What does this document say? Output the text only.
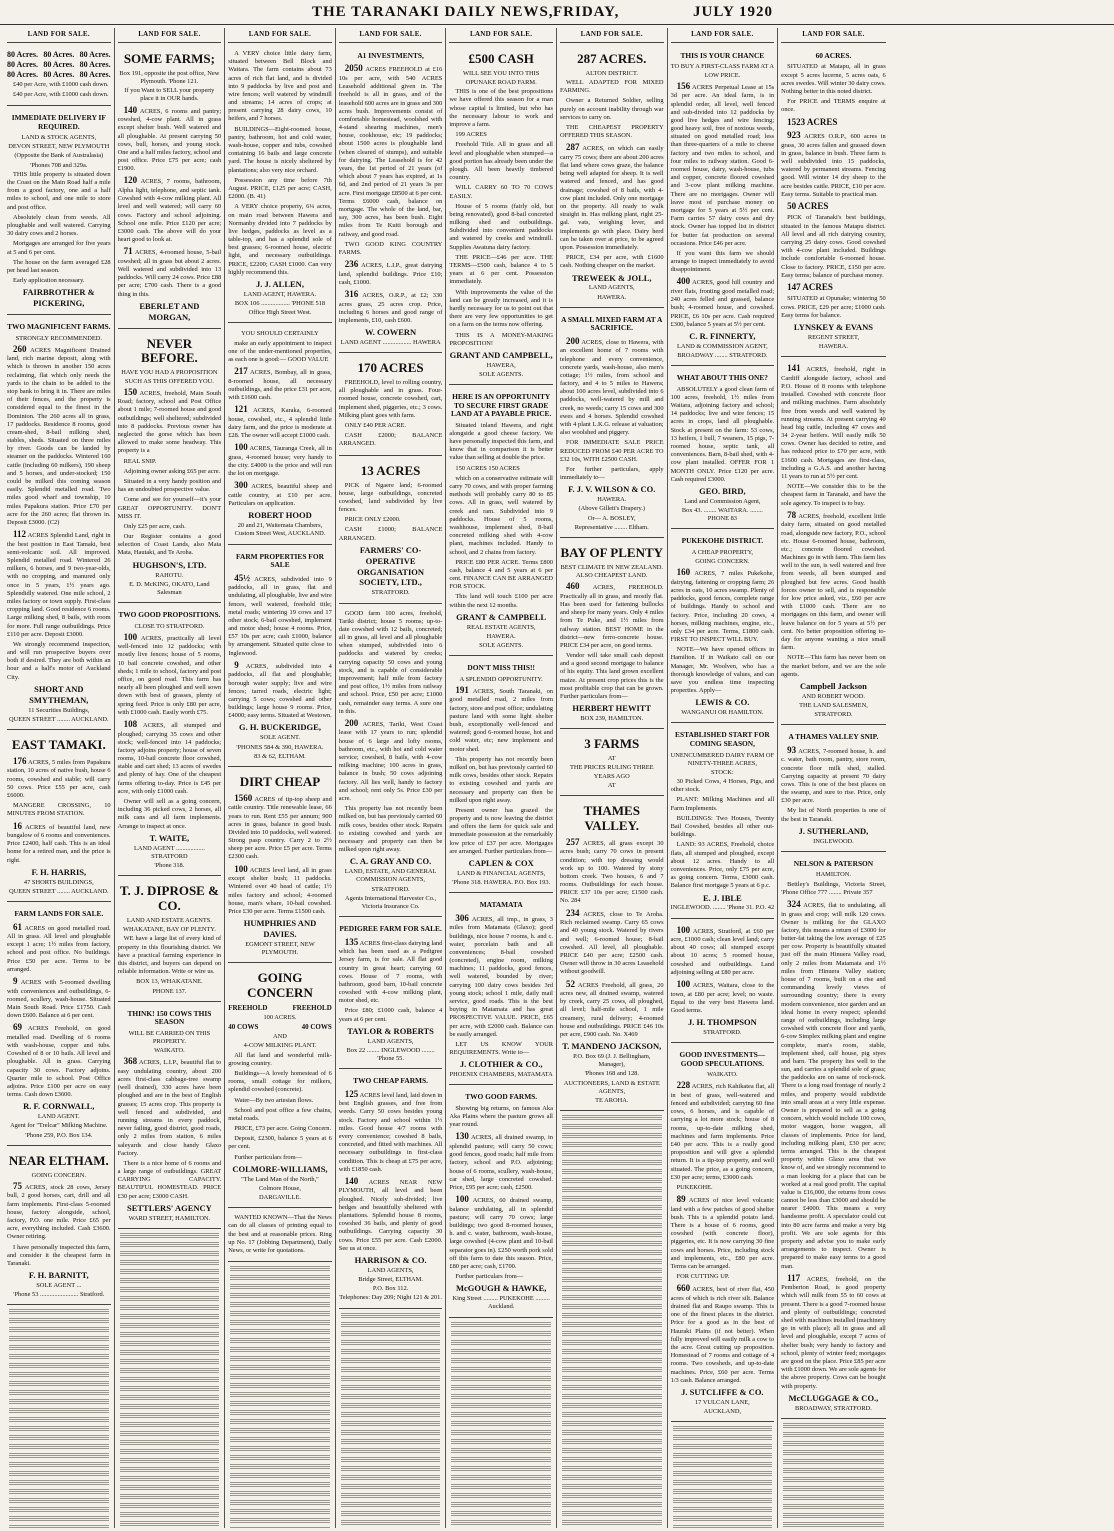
THE TARANAKI DAILY NEWS, FRIDAY,	JULY 1920
LAND FOR SALE.
80 Acres. 80 Acres. 80 Acres.
80 Acres. 80 Acres. 80 Acres.
80 Acres. 80 Acres. 80 Acres.

£40 per Acre, with £1000 cash down.

£40 per Acre, with £1000 cash down.

IMMEDIATE DELIVERY IF REQUIRED.
LAND & STOCK AGENTS,
DEVON STREET, NEW PLYMOUTH
(Opposite the Bank of Australasia)
'Phones 708 and 329a.

THIS little property is situated down the Coast on the Main Road half a mile from a good factory, one and a half miles to school, and one mile to store and post office.

Absolutely clean from weeds. All ploughable and well watered. Carrying 30 dairy cows and 2 horses.

Mortgages are arranged for five years at 5 and 6 per cent.

The house on the farm averaged £28 per head last season.

Early application necessary.

FAIRBROTHER & PICKERING,
TWO MAGNIFICENT FARMS.
STRONGLY RECOMMENDED.

260 ACRES Magnificent Drained land, rich marine deposit, along with which is thrown in another 150 acres reclaiming, flat which only needs the yards to the chain to be added to the stop bank to bring it in. There are miles of their fences, and the property is considered equal to the finest in the Dominion. The 260 acres all in grass, 17 paddocks. Residence 8 rooms, good cream-shed, 8-bail milking shed, stables, sheds. Situated on three miles by river. Goods can be landed by steamer on the paddocks. Wintered 160 cattle (including 60 milkers), 190 sheep and 5 horses, and under-stocked; 150 could be milked this coming season easily. Splendid metalled road. Two miles good wharf and township, 10 miles Papakura station. Price £70 per acre for the 260 acres; flat thrown in. Deposit £3000. (C2)

112 ACRES Splendid Land, right in the best position in East Tamaki, best semi-volcanic soil. All improved. Splendid metalled road. Wintered 26 milkers, 6 horses, and 9 two-year-olds, with no cropping, and manured only once in 5 years, 1½ years ago. Splendidly watered. One mile school, 2 miles factory or town supply. First-class cropping land. Good residence 6 rooms. Large milking shed, 8 bails, with room for more. Full range outbuildings. Price £110 per acre. Deposit £3000.

We strongly recommend inspection, and will run prospective buyers over both if desired. They are both within an hour and a half's motor of Auckland City.

SHORT AND SMYTHEMAN,
11 Securities Buildings,
QUEEN STREET ........ AUCKLAND.
EAST TAMAKI.

176 ACRES, 5 miles from Papakura station, 10 acres of native bush, house 6 rooms, cowshed and stable; will carry 50 cows. Price £55 per acre, cash £6000.

MANGERE CROSSING, 10 MINUTES FROM STATION.

16 ACRES of beautiful land, new bungalow of 6 rooms and conveniences. Price £2400, half cash. This is an ideal home for a retired man, and the price is right.

F. H. HARRIS,
47 SHORTS BUILDINGS,
QUEEN STREET ........ AUCKLAND.
FARM LANDS FOR SALE.

61 ACRES on good metalled road. All in grass. All level and ploughable except 1 acre; 1½ miles from factory, school and post office. No buildings. Price £50 per acre. Terms to be arranged.

9 ACRES with 5-roomed dwelling with conveniences and outbuildings, 6-roomed, scullery, wash-house. Situated Main South Road. Price £1750. Cash down £600. Balance at 6 per cent.

69 ACRES Freehold, on good metalled road. Dwelling of 6 rooms with wash-house, copper and tubs. Cowshed of 8 or 10 bails. All level and ploughable. All in grass. Carrying capacity 30 cows. Factory adjoins. Quarter mile to school. Post Office adjoins. Price £100 per acre on easy terms. Cash down £3600.

R. F. CORNWALL,
LAND AGENT.
Agent for "Trelcar" Milking Machine.
'Phone 259, P.O. Box 134.
NEAR ELTHAM.
GOING CONCERN.

75 ACRES, stock 28 cows, Jersey bull, 2 good horses, cart, drill and all farm implements. First-class 5-roomed house, factory alongside, school, factory, P.O. one mile. Price £65 per acre, everything included. Cash £3600. Owner retiring.

I have personally inspected this farm, and consider it the cheapest farm in Taranaki.

F. H. BARNITT,
SOLE AGENT ...
'Phone 53 ........................ Stratford.
LAND FOR SALE.
SOME FARMS;
Box 191, opposite the post office, New Plymouth. 'Phone 121.
If you Want to SELL your property place it in OUR hands.

140 ACRES, 6 rooms and pantry; cowshed, 4-cow plant. All in grass except shelter bush. Well watered and all ploughable. At present carrying 50 cows, bull, horses, and young stock. One and a half miles factory, school and post office. Price £75 per acre; cash £1900.

120 ACRES, 7 rooms, bathroom, Alpha light, telephone, and septic tank. Cowshed with 4-cow milking plant. All level and well watered; will carry 60 cows. Factory and school adjoining. School one mile. Price £120 per acre; £3000 cash. The above will do your heart good to look at.

71 ACRES, 4-roomed house, 5-bail cowshed; all in grass but about 2 acres. Well watered and subdivided into 13 paddocks. Will carry 24 cows. Price £88 per acre; £700 cash. There is a good thing in this.

EBERLET AND MORGAN,
NEVER BEFORE.
HAVE YOU HAD A PROPOSITION SUCH AS THIS OFFERED YOU.

150 ACRES, freehold, Main South Road; factory, school and Post Office about 1 mile; 7-roomed house and good outbuildings; well sheltered; subdivided into 8 paddocks. Previous owner has neglected the gorse which has been allowed to make some headway. This property is a

REAL SNIP.

Adjoining owner asking £65 per acre.

Situated in a very handy position and has an undoubted prospective value.

Come and see for yourself—it's your GREAT OPPORTUNITY. DON'T MISS IT.

Only £25 per acre, cash.

Our Register contains a good selection of Coast Lands, also Mata Mata, Hautaki, and Te Aroha.

HUGHSON'S, LTD.
RAHOTU.
E. D. McKING, OKATO, Land Salesman
TWO GOOD PROPOSITIONS.
CLOSE TO STRATFORD.

100 ACRES, practically all level well-fenced into 12 paddocks; with mostly live fences; house of 5 rooms, 10 bail concrete cowshed, and other sheds; 1 mile to school, factory and post office, on good road. This farm has nearly all been ploughed and well sown down with best of grasses, plenty of spring feed. Price is only £80 per acre, with £1000 cash. Easily worth £75.

108 ACRES, all stumped and ploughed; carrying 35 cows and other stock; well-fenced into 14 paddocks; factory adjoins property; house of seven rooms, 10-bail concrete floor cowshed, stable and cart shed; 13 acres of swedes and plenty of hay. One of the cheapest farms offering to-day. Price is £45 per acre, with only £1000 cash.

Owner will sell as a going concern, including 36 picked cows, 2 horses, all milk cans and all farm implements. Arrange to inspect at once.

T. WAITE,
LAND AGENT .................. STRATFORD
'Phone 318.
T. J. DIPROSE & CO.
LAND AND ESTATE AGENTS.
WHAKATANE, BAY OF PLENTY.

WE have a large list of every kind of property in this flourishing district. We have a practical farming experience in this district, and buyers can depend on reliable information. Write or wire us.

BOX 13, WHAKATANE.
PHONE 137.
THINK! 150 COWS THIS SEASON
WILL BE CARRIED ON THIS PROPERTY.
WAIKATO.

368 ACRES, L.I.P., beautiful flat to easy undulating country, about 200 acres first-class cabbage-tree swamp (well drained), 330 acres have been ploughed and are in the best of English grasses; 15 acres crop. This property is well fenced and subdivided, and running streams in every paddock, never failing, good district, good roads, only 2 miles from station, 6 miles saleyards and close handy Glaxo Factory.

There is a nice home of 6 rooms and a large range of outbuildings. GREAT CARRYING CAPACITY. BEAUTIFUL HOMESTEAD. PRICE £30 per acre; £3000 CASH.

SETTLERS' AGENCY
WARD STREET, HAMILTON.
LAND FOR SALE.

A VERY choice little dairy farm, situated between Bell Block and Waitara. The farm contains about 73 acres of rich flat land, and is divided into 9 paddocks by live and post and wire fences; well watered by windmill and streams; 14 acres of crops; at present carrying 28 dairy cows, 10 heifers, and 7 horses.

BUILDINGS—Eight-roomed house, pantry, bathroom, hot and cold water, wash-house, copper and tubs, cowshed containing 16 bails and large concrete yard. The house is nicely sheltered by plantations; also very nice orchard.

Possession any time before 7th August. PRICE, £125 per acre; CASH, £2000. (B. 41)

A VERY choice property, 6¼ acres, on main road between Hawera and Normanby divided into 7 paddocks by live hedges, paddocks as level as a table-top, and has a splendid sole of best grasses; 6-roomed house, electric light, and necessary outbuildings. PRICE, £2200; CASH £1000. Can very highly recommend this.

J. J. ALLEN,
LAND AGENT, HAWERA.
BOX 106 .................. 'PHONE 518
Office High Street West.
YOU SHOULD CERTAINLY

make an early appointment to inspect one of the under-mentioned properties, as each one is good:— GOOD VALUE

217 ACRES, Bombay, all in grass, 8-roomed house, all necessary outbuildings, and the price £31 per acre, with £1600 cash.

121 ACRES, Karaka, 6-roomed house, cowshed, etc., 4 splendid little dairy farm, and the price is moderate at £28. The owner will accept £1000 cash.

100 ACRES, Tauranga Creek, all in grass, 4-roomed house; very handy to the city. £4000 is the price and will run the lot on mortgage.

300 ACRES, beautiful sheep and cattle country, at £10 per acre. Particulars on application.

ROBERT HOOD
20 and 21, Waitemata Chambers, Custom Street West, AUCKLAND.
FARM PROPERTIES FOR SALE

45½ ACRES, subdivided into 9 paddocks, all in grass, flat and undulating, all ploughable, live and wire fences, well watered, freehold title; metal roads; wintering 19 cows and 17 other stock; 6-bail cowshed, implement and motor shed; house 4 rooms. Price, £57 10s per acre; cash £1000, balance by arrangement. Situated quite close to Inglewood.

9 ACRES, subdivided into 4 paddocks, all flat and ploughable; borough water supply; live and wire fences; tarred roads, electric light; carrying 5 cows; cowshed and other buildings; large house 9 rooms. Price, £4000; easy terms. Situated at Westown.

G. H. BUCKERIDGE,
SOLE AGENT.
'PHONES 584 & 390, HAWERA.
83 & 62, ELTHAM.
DIRT CHEAP

1560 ACRES of tip-top sheep and cattle country. Title renewable lease, 66 years to run. Rent £55 per annum; 900 acres in grass, balance in good bush. Divided into 10 paddocks, well watered. Strong pasp country. Carry 2 to 2½ sheep per acre. Price £5 per acre. Terms £2300 cash.

100 ACRES level land, all in grass except shelter bush; 11 paddocks. Wintered over 40 head of cattle; 1½ miles factory and school; 4-roomed house, man's whare, 10-bail cowshed. Price £30 per acre. Terms £1500 cash.

HUMPHRIES AND DAVIES.
EGMONT STREET, NEW PLYMOUTH.
GOING CONCERN
FREEHOLD	FREEHOLD
100 ACRES.
40 COWS	40 COWS
AND
4-COW MILKING PLANT.

All flat land and wonderful milk-growing country.

Buildings—A lovely homestead of 6 rooms, small cottage for milkers, splendid cowshed (concrete).

Water—By two artesian flows.

School and post office a few chains, metal roads.

PRICE, £73 per acre. Going Concern.

Deposit, £2300, balance 5 years at 6 per cent.

Further particulars from—

COLMORE-WILLIAMS,
"The Land Man of the North,"
Colmore House,
DARGAVILLE.

WANTED KNOWN—That the News can do all classes of printing equal to the best and at reasonable prices. Ring up No. 17 (Jobbing Department), Daily News, or write for quotations.

LAND FOR SALE.
A1 INVESTMENTS,

2050 ACRES FREEHOLD at £16 10s per acre, with 540 ACRES Leasehold additional given in. The freehold is all in grass, and of the leasehold 600 acres are in grass and 300 acres bush. Improvements consist of comfortable homestead, woolshed with 4-stand shearing machines, men's house, cookhouse, etc; 19 paddocks; about 1500 acres is ploughable land (when cleared of stumps), and suitable for dairying. The Leasehold is for 42 years, the 1st period of 21 years (of which about 7 years has expired, at 1s 6d, and 2nd period of 21 years 3s per acre. First mortgage £8500 at 6 per cent. Terms £6000 cash, balance on mortgage. The whole of the land, bar, say, 300 acres, has been bush. Eight miles from Te Kuiti borough and railway, and good road.

TWO GOOD KING COUNTRY FARMS.

236 ACRES, L.I.P., great dairying land, splendid buildings. Price £10; cash, £1000.

316 ACRES, O.R.P., at £2; 330 acres grass, 25 acres crop. Price, including 6 horses and good range of implements, £10, cash £600.

W. COWERN
LAND AGENT .................. HAWERA
170 ACRES

FREEHOLD, level to rolling country, all ploughable and in grass. Four-roomed house, concrete cowshed, cart, implement shed, piggeries, etc.; 3 cows. Milking plant goes with farm.

ONLY £40 PER ACRE.

CASH £2000; BALANCE ARRANGED.

13 ACRES

PICK of Ngaere land; 6-roomed house, large outbuildings, concreted cowshed, land subdivided by live fences.

PRICE ONLY £2000.

CASH £1000; BALANCE ARRANGED.

FARMERS' CO-OPERATIVE ORGANISATION SOCIETY, LTD.,
STRATFORD.

GOOD farm 100 acres, freehold, Tariki district; house 5 rooms; up-to-date cowshed with 12 bails, concreted; all in grass, all level and all ploughable when stumped, subdivided into 6 paddocks and watered by creeks; carrying capacity 50 cows and young stock, and is capable of considerable improvement; half mile from factory and post office, 1½ miles from railway and school. Price, £50 per acre; £1000 cash, remainder easy terms. A sure one in this.

200 ACRES, Tariki, West Coast lease with 17 years to run; splendid house of 6 large and lofty rooms, bathroom, etc., with hot and cold water service; cowshed, 8 bails, with 4-cow milking machine; 100 acres in grass, balance in bush; 50 cows adjoining factory. All lies well, handy to factory and school; rent only 5s. Price £30 per acre.

This property has not recently been milked on, but has previously carried 60 milk cows, besides other stock. Repairs to existing cowshed and yards are necessary and property can then be milked upon right away.

C. A. GRAY AND CO.
LAND, ESTATE, AND GENERAL COMMISSION AGENTS,
STRATFORD.
Agents International Harvester Co., Victoria Insurance Co.
PEDIGREE FARM FOR SALE.

135 ACRES first-class dairying land which has been used as a Pedigree Jersey farm, is for sale. All flat good country in great heart; carrying 60 cows. House of 7 rooms, with bathroom, good barn, 10-bail concrete cowshed with 4-cow milking plant, motor shed, etc.

Price £80; £1000 cash, balance 4 years at 6 per cent.

TAYLOR & ROBERTS
LAND AGENTS,
Box 22 ........ INGLEWOOD ........ 'Phone 55.
TWO CHEAP FARMS.

125 ACRES level land, laid down in best English grasses, and free from weeds. Carry 50 cows besides young stock. Factory and school within 1½ miles. Good house 4/7 rooms with every convenience; cowshed 8 bails, concreted, and fitted with machines. All necessary outbuildings in first-class condition. This is cheap at £75 per acre, with £1850 cash.

140 ACRES NEAR NEW PLYMOUTH, all level and been ploughed. Nicely sub-divided; live hedges and beautifully sheltered with plantations. Splendid house 8 rooms, cowshed 36 bails, and plenty of good outbuildings. Carrying capacity 30 cows. Price £55 per acre. Cash £2000. See us at once.

HARRISON & CO.
LAND AGENTS,
Bridge Street, ELTHAM.
P.O. Box 112.
Telephones: Day 209; Night 121 & 201.
LAND FOR SALE.
£500 CASH
WILL SEE YOU INTO THIS
OPUNAKE ROAD FARM.

THIS is one of the best propositions we have offered this season for a man whose capital is limited, but who has the necessary labour to work and improve a farm.

199 ACRES

Freehold Title. All in grass and all level and ploughable when stumped—a good portion has already been under the plough. All been heavily timbered country.

WILL CARRY 60 TO 70 COWS EASILY.

House of 5 rooms (fairly old, but being renovated), good 8-bail concreted milking shed and outbuildings. Subdivided into convenient paddocks and watered by creeks and windmill. Supplies Awatuna dairy factory.

THE PRICE—£46 per acre. THE TERMS—£500 cash, balance 4 to 5 years at 6 per cent. Possession immediately.

With improvements the value of the land can be greatly increased, and it is hardly necessary for us to point out that there are very few opportunities to get on a farm on the terms now offering.

THIS IS A MONEY-MAKING PROPOSITION!

GRANT AND CAMPBELL,
HAWERA,
SOLE AGENTS.
HERE IS AN OPPORTUNITY TO SECURE FIRST GRADE LAND AT A PAYABLE PRICE.

Situated inland Hawera, and right alongside a good cheese factory. We have personally inspected this farm, and know that in comparison it is better value than selling at double the price.

150 ACRES 150 ACRES

which on a conservative estimate will carry 70 cows, and with proper farming methods will probably carry 80 to 85 cows. All in grass, well watered by creek and ram. Subdivided into 9 paddocks. House of 5 rooms, washhouse, implement shed, 8-bail concreted milking shed with 4-cow plant, machines included. Handy to school, and 2 chains from factory.

PRICE £80 PER ACRE. Terms £800 cash, balance 4 and 5 years at 6 per cent. FINANCE CAN BE ARRANGED FOR STOCK.

This land will touch £100 per acre within the next 12 months.

GRANT & CAMPBELL
REAL ESTATE AGENTS,
HAWERA.
SOLE AGENTS.
DON'T MISS THIS!!
A SPLENDID OPPORTUNITY.

191 ACRES, South Taranaki, on good metalled road, 2 miles from factory, store and post office; undulating pasture land with some light shelter bush, exceptionally well-fenced and watered; good 6-roomed house, hot and cold water, etc; new implement and motor shed.

This property has not recently been milked on, but has previously carried 60 milk cows, besides other stock. Repairs to existing cowshed and yards are necessary and property can then be milked upon right away.

Present owner has grazed the property and is now leaving the district and offers the farm for quick sale and immediate possession at the remarkably low price of £37 per acre. Mortgages are arranged. Further particulars from—

CAPLEN & COX
LAND & FINANCIAL AGENTS,
'Phone 318. HAWERA. P.O. Box 193.
MATAMATA

306 ACRES, all imp., in grass, 3 miles from Matamata (Glaxo); good buildings, nice house 7 rooms, h. and c. water, porcelain bath and all conveniences; 8-bail cowshed (concreted), engine room, milking machines; 11 paddocks, good fences, well watered, bounded by river; carrying 100 dairy cows besides 3rd young stock; school 1 mile, daily mail service, good roads. This is the best buying in Matamata and has great PROSPECTIVE VALUE. PRICE, £65 per acre, with £2000 cash. Balance can be easily arranged.

LET US KNOW YOUR REQUIREMENTS. Write to—

J. CLOTHIER & CO.,
PHOENIX CHAMBERS, MATAMATA
TWO GOOD FARMS.

Showing big returns, on famous Aka Aka Plains where the pasture grows all year round.

130 ACRES, all drained swamp, in splendid pasture; will carry 50 cows; good fences, good roads; half mile from factory, school and P.O. adjoining; house of 6 rooms, scullery, wash-house, car shed, large concreted cowshed. Price, £95 per acre; cash, £2500.

100 ACRES, 60 drained swamp, balance undulating, all in splendid pasture; will carry 70 cows; large buildings; two good 8-roomed houses, h. and c. water, bathroom, wash-house, large cowshed (4-cow plant and 10-bail separator goes in). £250 worth pork sold off this farm to date this season. Price, £80 per acre; cash, £1700.

Further particulars from—

McGOUGH & HAWKE,
King Street ......... PUKEKOHE ......... Auckland.
LAND FOR SALE.
287 ACRES.
ALTON DISTRICT.

WELL ADAPTED FOR MIXED FARMING.

Owner a Returned Soldier, selling purely on account inability through war services to carry on.

THE CHEAPEST PROPERTY OFFERED THIS SEASON.

287 ACRES, on which can easily carry 75 cows; there are about 200 acres flat land where cows graze, the balance being well adapted for sheep. It is well watered and fenced, and has good drainage; cowshed of 8 bails, with 4-cow plant included. Only one mortgage on the property. All ready to walk straight in. Has milking plant, right 25-gal. vats, weighing lever, and implements go with place. Dairy herd can be taken over at price, to be agreed upon. Possession immediately.

PRICE, £34 per acre, with £1600 cash. Nothing cheaper on the market.

TREWEEK & JOLL,
LAND AGENTS,
HAWERA.
A SMALL MIXED FARM AT A SACRIFICE.

200 ACRES, close to Hawera, with an excellent home of 7 rooms with telephone and every convenience, concrete yards, wash-house, also men's cottage; 1½ miles, from school and factory, and 4 to 5 miles to Hawera; about 100 acres level, subdivided into 6 paddocks, well-watered by mill and creek, no weeds; carry 15 cows and 300 ewes and 4 horses. Splendid cowshed with 4 plant L.K.G. release at valuation; also woolshed and piggery.

FOR IMMEDIATE SALE PRICE REDUCED FROM £40 PER ACRE TO £32 10s, WITH £2500 CASH.

For further particulars, apply immediately to—

F. J. V. WILSON & CO.
HAWERA.
(Above Gillett's Drapery.)
Or— A. BOSLEY,
Representative ........ Eltham.
BAY OF PLENTY
BEST CLIMATE IN NEW ZEALAND. ALSO CHEAPEST LAND.

460 ACRES, FREEHOLD. Practically all in grass, and mostly flat. Has been used for fattening bullocks and sheep for many years. Only 4 miles from Te Puke, and 1½ miles from railway station. BEST HOME in the district—new ferro-concrete house. PRICE £34 per acre, on good terms.

Vendor will take small cash deposit and a good second mortgage to balance of his equity. This land grown excellent maize. At present crop prices this is the most profitable crop that can be grown. Further particulars from—

HERBERT HEWITT
BOX 239, HAMILTON.
3 FARMS
AT
THE PRICES RULING THREE YEARS AGO
AT
THAMES VALLEY.

257 ACRES, all grass except 30 acres bush; carry 70 cows in present condition; with top dressing would work up to 100. Watered by stony bottom creek. Two houses, 6 and 7 rooms. Outbuildings for each house. PRICE £37 10s per acre; £1500 cash. No. 284

234 ACRES, close to Te Aroha. Rich reclaimed swamp. Carry 65 cows and 40 young stock. Watered by rivers and well; 6-roomed house; 8-bail cowshed. All level, all ploughable. PRICE £40 per acre; £2500 cash. Owner will throw in 30 acres Leasehold without goodwill.

52 ACRES Freehold, all grass, 20 acres new, all drained swamp, watered by creek, carry 25 cows, all ploughed, all level; half-mile school, 1 mile creamery, rural delivery; 4-roomed house and outbuildings. PRICE £46 10s per acre, £900 cash. No. X469

T. MANDENO JACKSON,
P.O. Box 69 (J. J. Bellingham, Manager),
'Phones 168 and 128.
AUCTIONEERS, LAND & ESTATE AGENTS,
TE AROHA.
LAND FOR SALE.
THIS IS YOUR CHANCE
TO BUY A FIRST-CLASS FARM AT A LOW PRICE.

156 ACRES Perpetual Lease at 15s 3d per acre. An ideal farm, is in splendid order, all level, well fenced and sub-divided into 12 paddocks by good live hedges and wire fencing; good heavy soil, free of noxious weeds, situated on good metalled road; less than three-quarters of a mile to cheese factory and two miles to school, and four miles to railway station. Good 6-roomed house, dairy, wash-house, tubs and copper, concrete floored cowshed and 3-cow plant milking machine. There are no mortgages. Owner will leave most of purchase money on mortgage for 5 years at 5½ per cent. Farm carries 57 dairy cows and dry stock. Owner has topped list in district for butter fat production on several occasions. Price £46 per acre.

If you want this farm we should arrange to inspect immediately to avoid disappointment.

400 ACRES, good hill country and river flats, fronting good metalled road; 240 acres felled and grassed, balance bush; 4-roomed house, and cowshed. PRICE, £6 10s per acre. Cash required £300, balance 5 years at 5½ per cent.

C. R. FINNERTY,
LAND & COMMISSION AGENT,
BROADWAY ........ STRATFORD.
WHAT ABOUT THIS ONE?

ABSOLUTELY a good clean farm of 100 acres, freehold, 1½ miles from Waitara, adjoining factory and school; 14 paddocks; live and wire fences; 15 acres in crops, land all ploughable. Stock at present on the farm: 53 cows, 13 heifers, 1 bull, 7 weaners, 15 pigs, 7-roomed house, septic tank, all conveniences. Barn, 8-bail shed, with 4-cow plant installed. OFFER FOR 1 MONTH ONLY. Price £120 per acre. Cash required £3000.

GEO. BIRD,
Land and Commission Agent,
Box 43. ........ WAITARA. ........ PHONE 83
PUKEKOHE DISTRICT.
A CHEAP PROPERTY,
GOING CONCERN.

160 ACRES, 7 miles Pukekohe, dairying, fattening or cropping farm; 26 acres in oats, 10 acres swamp. Plenty of paddocks, good fences, complete range of buildings. Handy to school and factory. Price, including 20 cows, 4 horses, milking machines, engine, etc., only £34 per acre. Terms, £1800 cash. FIRST TO INSPECT WILL BUY.

NOTE—We have opened offices in Hamilton. If in Waikato call on our Manager, Mr. Woolven, who has a thorough knowledge of values, and can save you endless time inspecting properties. Apply—

LEWIS & CO.
WANGANUI OR HAMILTON.
ESTABLISHED START FOR COMING SEASON,
UNENCUMBERED DAIRY FARM OF NINETY-THREE ACRES,
STOCK:

30 Picked Cows, 4 Horses, Pigs, and other stock.

PLANT: Milking Machines and all Farm Implements.

BUILDINGS: Two Houses, Twenty Bail Cowshed, besides all other out-buildings.

LAND: 93 ACRES, Freehold, choice flats, all stumped and ploughed, except about 12 acres. Handy to all conveniences. Price, only £75 per acre, as going concern. Terms, £3000 cash. Balance first mortgage 5 years at 6 p.c.

E. J. IBLE
INGLEWOOD. ........ 'Phone 31. P.O. 42

100 ACRES, Stratford, at £60 per acre, £1000 cash; clean level land; carry about 40 cows; all stumped except about 10 acres; 5 roomed house, cowshed and outbuildings. Land adjoining selling at £80 per acre.

100 ACRES, Waitara, close to the town, at £80 per acre; level; no waste. Equal to the very best Hawera land. Good terms.

J. H. THOMPSON
STRATFORD.
GOOD INVESTMENTS—GOOD SPECULATIONS.
WAIKATO.

228 ACRES, rich Kahikatea flat, all in best of grass, well-watered and fenced and subdivided; carrying 60 fine cows, 6 horses, and is capable of carrying a lot more stock; house of 8 rooms, up-to-date milking shed, machines and farm implements. Price £40 per acre. This is a really good proposition and will give a splendid return. It is a tip-top property, and well situated. The price, as a going concern, £30 per acre; terms, £3000 cash.

PUKEKOHE.

89 ACRES of nice level volcanic land with a few patches of good shelter bush. This is a splendid potato land. There is a house of 6 rooms, good cowshed (with concrete floor), piggeries, etc. It is now carrying 30 fine cows and horses. Price, including stock and implements, etc., £80 per acre. Terms can be arranged.

FOR CUTTING UP.

660 ACRES, best of river flat, 450 acres of which is rich river silt. Balance drained flat and Raupo swamp. This is one of the finest places in the district. Price for a good as in the best of Hauraki Plains (if not better). When fully improved will easily milk a cow to the acre. Great cutting up proposition. Homestead of 7 rooms and cottage of 4 rooms. Two cowsheds, and up-to-date machines. Price, £60 per acre. Terms 1/3 cash. Balance arranged.

J. SUTCLIFFE & CO.
17 VULCAN LANE,
AUCKLAND,
LAND FOR SALE.
60 ACRES.

SITUATED at Matapu, all in grass except 5 acres lucerne, 5 acres oats, 6 acres swedes. Will winter 30 dairy cows. Nothing better in this noted district.

For PRICE and TERMS enquire at once.

1523 ACRES

923 ACRES O.R.P., 600 acres in grass, 30 acres fallen and grassed down in grass, balance in bush. Three farm is well subdivided into 15 paddocks, watered by permanent streams. Fencing good. Will winter 14 dry sheep to the acre besides cattle. PRICE, £10 per acre. Easy terms. Suitable to practical man.

50 ACRES

PICK of Taranaki's best buildings, situated in the famous Matapu district. All level and all rich dairying country, carrying 25 dairy cows. Good cowshed with 4-cow plant included. Buildings include comfortable 6-roomed house. Close to factory. PRICE, £150 per acre. Easy terms; balance of purchase money.

147 ACRES

SITUATED at Opunake; wintering 50 cows. PRICE, £29 per acre; £1000 cash. Easy terms for balance.

LYNSKEY & EVANS
REGENT STREET,
HAWERA.

141 ACRES, freehold, right in Cardiff alongside factory, school and P.O. House of 8 rooms with telephone installed. Cowshed with concrete floor and milking machines. Farm absolutely free from weeds and well watered by running streams. At present carrying 40 head big cattle, including 47 cows and 34 2-year heifers. Will easily milk 50 cows. Owner has decided to retire, and has reduced price to £70 per acre, with £1600 cash. Mortgages are first-class, including a G.A.S. and another having 11 years to run at 5½ per cent.

NOTE—We consider this to be the cheapest farm in Taranaki, and have the sole agency. To inspect is to buy.

78 ACRES, freehold, excellent little dairy farm, situated on good metalled road, alongside new factory, P.O., school etc. House 6-roomed house, bathroom, etc.; concrete floored cowshed. Machines go in with farm. This farm lies well to the sun, is well watered and free from weeds, all been stumped and ploughed but few acres. Good health forces owner to sell, and is responsible for low price asked, viz., £60 per acre with £1000 cash. There are no mortgages on this farm, and owner will leave balance on for 5 years at 5½ per cent. No better proposition offering to-day for anyone wanting a nice small farm.

NOTE—This farm has never been on the market before, and we are the sole agents.

Campbell Jackson
AND ROBERT WOOD.
THE LAND SALESMEN,
STRATFORD.
A THAMES VALLEY SNIP.

93 ACRES, 7-roomed house, h. and c. water, bath room, pantry, store room, concrete floor milk shed, stalled. Carrying capacity at present 70 dairy cows. This is one of the best places on the swamp, and sure to rise. Price, only £30 per acre.

My list of North properties is one of the best in Taranaki.

J. SUTHERLAND,
INGLEWOOD.
NELSON & PATERSON
HAMILTON.

Bettley's Buildings, Victoria Street, 'Phone Office 777 ........ Private 357

324 ACRES, flat to undulating, all in grass and crop; will milk 120 cows. Owner is milking for the GLAXO factory, this means a return of £3000 for butter-fat taking the low average of £25 per cow. Property is beautifully situated just off the main Hinuera Valley road, only 2 miles from Matamata and 1½ miles from Hinuera Valley station; house of 7 rooms, built on a rise and commanding lovely views of surrounding country; there is every modern convenience, nice garden and an ideal home in every respect; splendid range of outbuildings, including large cowshed with concrete floor and yards, 6-cow Simplex milking plant and engine complete, man's room, stable, implement shed, calf house, pig styes and barn. The property lies well to the sun, and carries a splendid sole of grass; the paddocks are on same of rock-rock. There is a long road frontage of nearly 2 miles, and property would subdivide into small areas at a very little expense. Owner is prepared to sell as a going concern, which would include 100 cows, motor waggon, horse waggon, all classes of implements. Price for land, including milking plant, £30 per acre; terms arranged. This is the cheapest property within Glaxo area that we know of, and we strongly recommend to a man looking for a place that can be worked at a real good profit. The capital value is £16,000, the returns from cows cannot be less than £3000 and should be nearer £4000. This means a very handsome profit. A speculator could cut into 80 acre farms and make a very big profit. We are sole agents for this property and advise you to make early arrangements to inspect. Owner is prepared to make easy terms to a good man.

117 ACRES, freehold, on the Pemberton Road, is good property which will milk from 55 to 60 cows at present. There is a good 7-roomed house and plenty of outbuildings; concreted shed with machines installed (machinery go in with place); all in grass and all level and ploughable, except 7 acres of shelter bush; very handy to factory and school, plenty of winter feed; mortgages are good on the place. Price £85 per acre with £1000 down. We are sole agents for the above property. Cows can be bought with property.

McCLUGGAGE & CO.,
BROADWAY, STRATFORD.
